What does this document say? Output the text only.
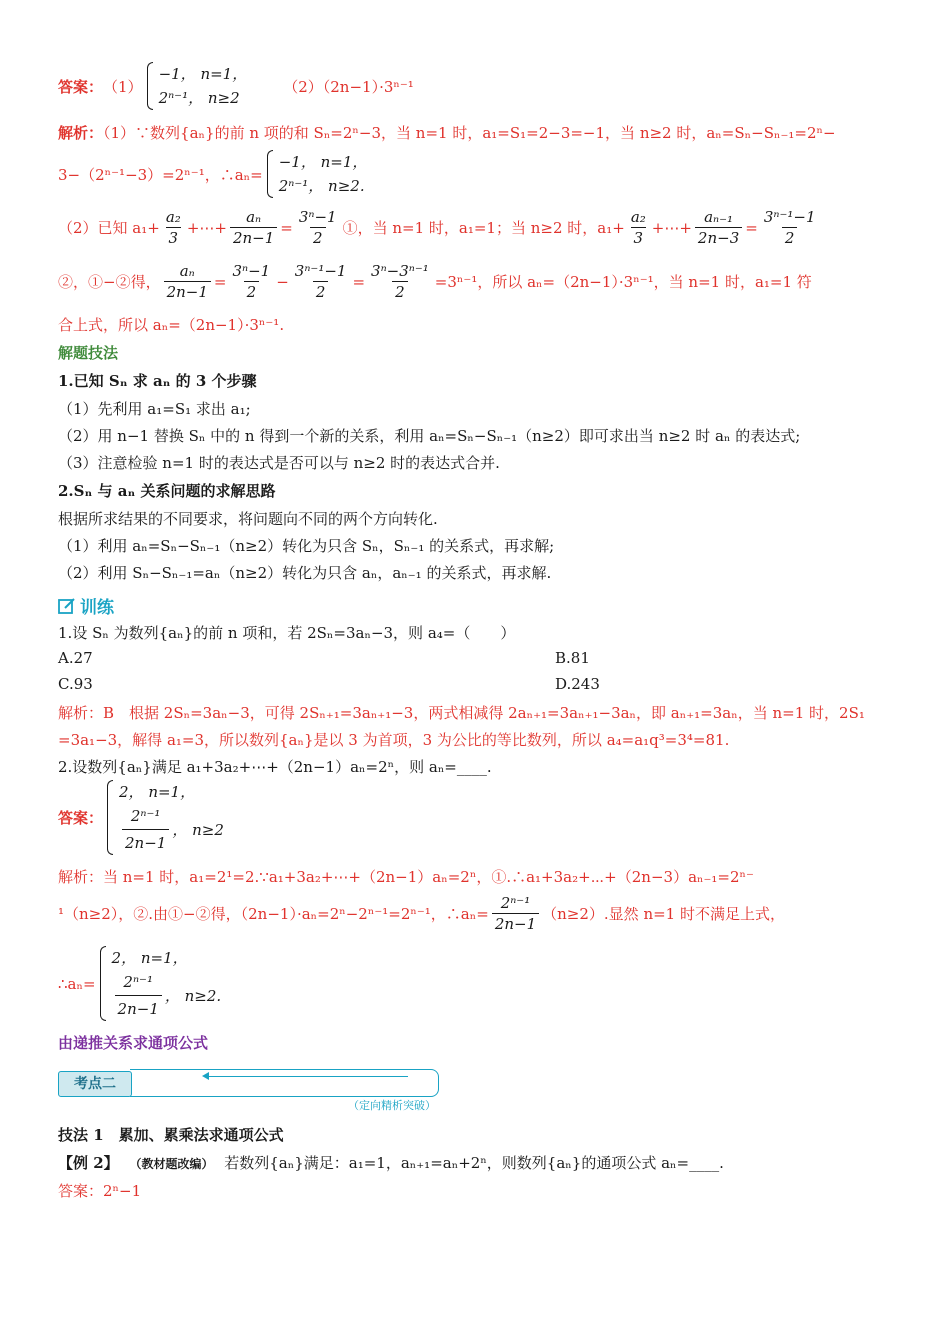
答案： （1）
−1， n=1，
2ⁿ⁻¹， n≥2
（2）（2n−1）·3ⁿ⁻¹
解析：（1）∵数列{aₙ}的前 n 项的和 Sₙ=2ⁿ−3，当 n=1 时，a₁=S₁=2−3=−1，当 n≥2 时，aₙ=Sₙ−Sₙ₋₁=2ⁿ−
3−（2ⁿ⁻¹−3）=2ⁿ⁻¹，∴aₙ=
−1， n=1，
2ⁿ⁻¹， n≥2.
（2）已知 $a_1+ \frac{\text{a₂}}{3}$ +⋯+ $\frac{\text{aₙ}}{2n-1} = \frac{\text{3ⁿ−1}}{2}$ ①，当 n=1 时，a₁=1；当 n≥2 时，$a_1+ \frac{\text{a₂}}{3}$ +⋯+ $\frac{\text{aₙ₋₁}}{2n-3} = \frac{\text{3ⁿ⁻¹−1}}{2}$
②，①−②得， $\frac{\text{aₙ}}{2n-1} = \frac{\text{3ⁿ−1}}{2} - \frac{\text{3ⁿ⁻¹−1}}{2} = \frac{\text{3ⁿ−3ⁿ⁻¹}}{2} =3^{n-1}$，所以 aₙ=（2n−1）·3ⁿ⁻¹，当 n=1 时，a₁=1 符
合上式，所以 aₙ=（2n−1）·3ⁿ⁻¹.
解题技法
1.已知 Sₙ 求 aₙ 的 3 个步骤
（1）先利用 a₁=S₁ 求出 a₁;
（2）用 n−1 替换 Sₙ 中的 n 得到一个新的关系，利用 aₙ=Sₙ−Sₙ₋₁（n≥2）即可求出当 n≥2 时 aₙ 的表达式;
（3）注意检验 n=1 时的表达式是否可以与 n≥2 时的表达式合并.
2.Sₙ 与 aₙ 关系问题的求解思路
根据所求结果的不同要求，将问题向不同的两个方向转化.
（1）利用 aₙ=Sₙ−Sₙ₋₁（n≥2）转化为只含 Sₙ，Sₙ₋₁ 的关系式，再求解;
（2）利用 Sₙ−Sₙ₋₁=aₙ（n≥2）转化为只含 aₙ，aₙ₋₁ 的关系式，再求解.
训练
1.设 Sₙ 为数列{aₙ}的前 n 项和，若 2Sₙ=3aₙ−3，则 a₄=（　　）
A.27	B.81
C.93	D.243
解析：B　根据 2Sₙ=3aₙ−3，可得 2Sₙ₊₁=3aₙ₊₁−3，两式相减得 2aₙ₊₁=3aₙ₊₁−3aₙ，即 aₙ₊₁=3aₙ，当 n=1 时，2S₁
=3a₁−3，解得 a₁=3，所以数列{aₙ}是以 3 为首项，3 为公比的等比数列，所以 a₄=a₁q³=3⁴=81.
2.设数列{aₙ}满足 a₁+3a₂+⋯+（2n−1）aₙ=2ⁿ，则 aₙ=____.
答案：
2， n=1，
$\frac{\text{2ⁿ⁻¹}}{2n-1}$ ， n≥2
解析：当 n=1 时，a₁=2¹=2.∵a₁+3a₂+⋯+（2n−1）aₙ=2ⁿ，①.∴a₁+3a₂+⋯+（2n−3）aₙ₋₁=2ⁿ⁻
¹（n≥2），②.由①−②得，（2n−1）·aₙ=2ⁿ−2ⁿ⁻¹=2ⁿ⁻¹，∴aₙ= $\frac{\text{2ⁿ⁻¹}}{2n-1} (n\ge 2)$.显然 n=1 时不满足上式，
∴aₙ=
2， n=1，
$\frac{\text{2ⁿ⁻¹}}{2n-1}$ ， n≥2.
由递推关系求通项公式
考点二
（定向精析突破）
技法 1　累加、累乘法求通项公式
【例 2】 （教材题改编） 若数列{aₙ}满足：a₁=1，aₙ₊₁=aₙ+2ⁿ，则数列{aₙ}的通项公式 aₙ=____.
答案：2ⁿ−1
